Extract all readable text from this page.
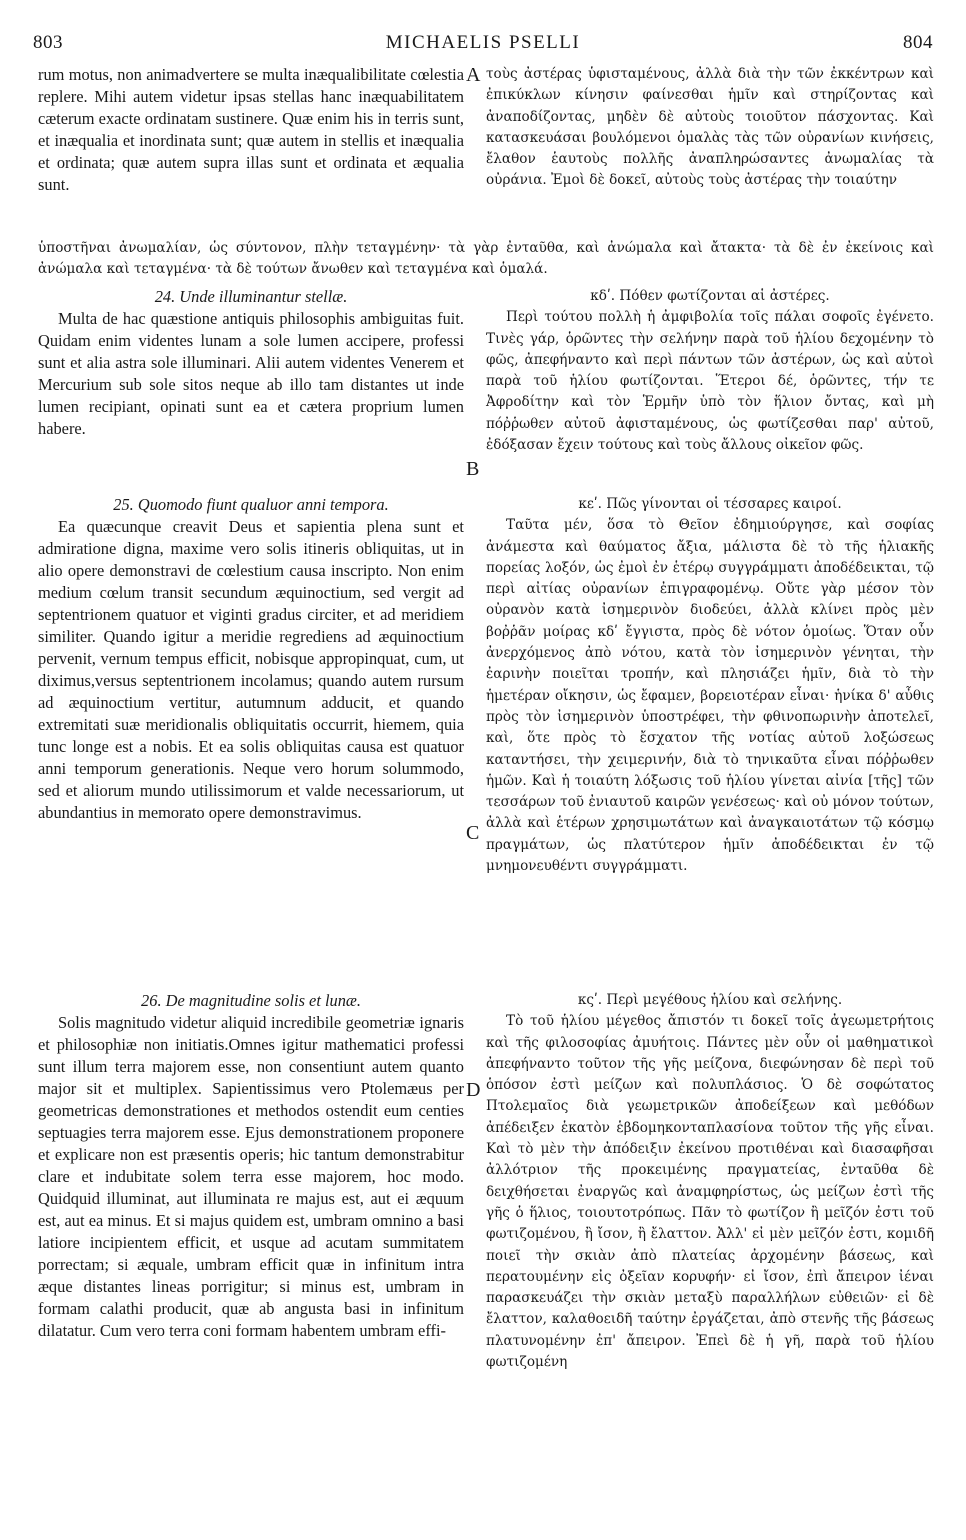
803	MICHAELIS PSELLI	804
A
B
C
D

rum motus, non animadvertere se multa inæqualibilitate cœlestia replere. Mihi autem videtur ipsas stellas hanc inæquabilitatem cæterum exacte ordinatam sustinere. Quæ enim his in terris sunt, et inæqualia et inordinata sunt; quæ autem in stellis et inæqualia et ordinata; quæ autem supra illas sunt et ordinata et æqualia sunt.

τοὺς ἀστέρας ὑφισταμένους, ἀλλὰ διὰ τὴν τῶν ἐκκέντρων καὶ ἐπικύκλων κίνησιν φαίνεσθαι ἡμῖν καὶ στηρίζοντας καὶ ἀναποδίζοντας, μηδὲν δὲ αὐτοὺς τοιοῦτον πάσχοντας. Καὶ κατασκευάσαι βουλόμενοι ὁμαλὰς τὰς τῶν οὐρανίων κινήσεις, ἔλαθον ἑαυτοὺς πολλῆς ἀναπληρώσαντες ἀνωμαλίας τὰ οὐράνια. Ἐμοὶ δὲ δοκεῖ, αὐτοὺς τοὺς ἀστέρας τὴν τοιαύτην

ὑποστῆναι ἀνωμαλίαν, ὡς σύντονον, πλὴν τεταγμένην· τὰ γὰρ ἐνταῦθα, καὶ ἀνώμαλα καὶ ἄτακτα· τὰ δὲ ἐν ἐκείνοις καὶ ἀνώμαλα καὶ τεταγμένα· τὰ δὲ τούτων ἄνωθεν καὶ τεταγμένα καὶ ὁμαλά.

24. Unde illuminantur stellæ.

Multa de hac quæstione antiquis philosophis ambiguitas fuit. Quidam enim videntes lunam a sole lumen accipere, professi sunt et alia astra sole illuminari. Alii autem videntes Venerem et Mercurium sub sole sitos neque ab illo tam distantes ut inde lumen recipiant, opinati sunt ea et cætera proprium lumen habere.

κδʹ. Πόθεν φωτίζονται αἱ ἀστέρες.

Περὶ τούτου πολλὴ ἡ ἀμφιβολία τοῖς πάλαι σοφοῖς ἐγένετο. Τινὲς γάρ, ὁρῶντες τὴν σελήνην παρὰ τοῦ ἡλίου δεχομένην τὸ φῶς, ἀπεφήναντο καὶ περὶ πάντων τῶν ἀστέρων, ὡς καὶ αὐτοὶ παρὰ τοῦ ἡλίου φωτίζονται. Ἕτεροι δέ, ὁρῶντες, τήν τε Ἀφροδίτην καὶ τὸν Ἑρμῆν ὑπὸ τὸν ἥλιον ὄντας, καὶ μὴ πόῤῥωθεν αὐτοῦ ἀφισταμένους, ὡς φωτίζεσθαι παρ' αὐτοῦ, ἐδόξασαν ἔχειν τούτους καὶ τοὺς ἄλλους οἰκεῖον φῶς.

25. Quomodo fiunt qualuor anni tempora.

Ea quæcunque creavit Deus et sapientia plena sunt et admiratione digna, maxime vero solis itineris obliquitas, ut in alio opere demonstravi de cœlestium causa inscripto. Non enim medium cœlum transit secundum æquinoctium, sed vergit ad septentrionem quatuor et viginti gradus circiter, et ad meridiem similiter. Quando igitur a meridie regrediens ad æquinoctium pervenit, vernum tempus efficit, nobisque appropinquat, cum, ut diximus,versus septentrionem incolamus; quando autem rursum ad æquinoctium vertitur, autumnum adducit, et quando extremitati suæ meridionalis obliquitatis occurrit, hiemem, quia tunc longe est a nobis. Et ea solis obliquitas causa est quatuor anni temporum generationis. Neque vero horum solummodo, sed et aliorum mundo utilissimorum et valde necessariorum, ut abundantius in memorato opere demonstravimus.

κεʹ. Πῶς γίνονται οἱ τέσσαρες καιροί.

Ταῦτα μέν, ὅσα τὸ Θεῖον ἐδημιούργησε, καὶ σοφίας ἀνάμεστα καὶ θαύματος ἄξια, μάλιστα δὲ τὸ τῆς ἡλιακῆς πορείας λοξόν, ὡς ἐμοὶ ἐν ἑτέρῳ συγγράμματι ἀποδέδεικται, τῷ περὶ αἰτίας οὐρανίων ἐπιγραφομένῳ. Οὔτε γὰρ μέσον τὸν οὐρανὸν κατὰ ἰσημερινὸν διοδεύει, ἀλλὰ κλίνει πρὸς μὲν βοῤῥᾶν μοίρας κδʹ ἔγγιστα, πρὸς δὲ νότον ὁμοίως. Ὅταν οὖν ἀνερχόμενος ἀπὸ νότου, κατὰ τὸν ἰσημερινὸν γένηται, τὴν ἐαρινὴν ποιεῖται τροπήν, καὶ πλησιάζει ἡμῖν, διὰ τὸ τὴν ἡμετέραν οἴκησιν, ὡς ἔφαμεν, βορειοτέραν εἶναι· ἡνίκα δ' αὖθις πρὸς τὸν ἰσημερινὸν ὑποστρέφει, τὴν φθινοπωρινὴν ἀποτελεῖ, καὶ, ὅτε πρὸς τὸ ἔσχατον τῆς νοτίας αὐτοῦ λοξώσεως καταντήσει, τὴν χειμερινήν, διὰ τὸ τηνικαῦτα εἶναι πόῤῥωθεν ἡμῶν. Καὶ ἡ τοιαύτη λόξωσις τοῦ ἡλίου γίνεται αἰνία [τῆς] τῶν τεσσάρων τοῦ ἐνιαυτοῦ καιρῶν γενέσεως· καὶ οὐ μόνον τούτων, ἀλλὰ καὶ ἑτέρων χρησιμωτάτων καὶ ἀναγκαιοτάτων τῷ κόσμῳ πραγμάτων, ὡς πλατύτερον ἡμῖν ἀποδέδεικται ἐν τῷ μνημονευθέντι συγγράμματι.

26. De magnitudine solis et lunæ.

Solis magnitudo videtur aliquid incredibile geometriæ ignaris et philosophiæ non initiatis.Omnes igitur mathematici professi sunt illum terra majorem esse, non consentiunt autem quanto major sit et multiplex. Sapientissimus vero Ptolemæus per geometricas demonstrationes et methodos ostendit eum centies septuagies terra majorem esse. Ejus demonstrationem proponere et explicare non est præsentis operis; hic tantum demonstrabitur clare et indubitate solem terra esse majorem, hoc modo. Quidquid illuminat, aut illuminata re majus est, aut ei æquum est, aut ea minus. Et si majus quidem est, umbram omnino a basi latiore incipientem efficit, et usque ad acutam summitatem porrectam; si æquale, umbram efficit quæ in infinitum intra æque distantes lineas porrigitur; si minus est, umbram in formam calathi producit, quæ ab angusta basi in infinitum dilatatur. Cum vero terra coni formam habentem umbram effi-

κςʹ. Περὶ μεγέθους ἡλίου καὶ σελήνης.

Τὸ τοῦ ἡλίου μέγεθος ἄπιστόν τι δοκεῖ τοῖς ἀγεωμετρήτοις καὶ τῆς φιλοσοφίας ἀμυήτοις. Πάντες μὲν οὖν οἱ μαθηματικοὶ ἀπεφήναντο τοῦτον τῆς γῆς μείζονα, διεφώνησαν δὲ περὶ τοῦ ὁπόσον ἐστὶ μείζων καὶ πολυπλάσιος. Ὁ δὲ σοφώτατος Πτολεμαῖος διὰ γεωμετρικῶν ἀποδείξεων καὶ μεθόδων ἀπέδειξεν ἑκατὸν ἑβδομηκονταπλασίονα τοῦτον τῆς γῆς εἶναι. Καὶ τὸ μὲν τὴν ἀπόδειξιν ἐκείνου προτιθέναι καὶ διασαφῆσαι ἀλλότριον τῆς προκειμένης πραγματείας, ἐνταῦθα δὲ δειχθήσεται ἐναργῶς καὶ ἀναμφηρίστως, ὡς μείζων ἐστὶ τῆς γῆς ὁ ἥλιος, τοιουτοτρόπως. Πᾶν τὸ φωτίζον ἢ μεῖζόν ἐστι τοῦ φωτιζομένου, ἢ ἴσον, ἢ ἔλαττον. Ἀλλ' εἰ μὲν μεῖζόν ἐστι, κομιδῆ ποιεῖ τὴν σκιὰν ἀπὸ πλατείας ἀρχομένην βάσεως, καὶ περατουμένην εἰς ὀξεῖαν κορυφήν· εἰ ἴσον, ἐπὶ ἄπειρον ἰέναι παρασκευάζει τὴν σκιὰν μεταξὺ παραλλήλων εὐθειῶν· εἰ δὲ ἔλαττον, καλαθοειδῆ ταύτην ἐργάζεται, ἀπὸ στενῆς τῆς βάσεως πλατυνομένην ἐπ' ἄπειρον. Ἐπεὶ δὲ ἡ γῆ, παρὰ τοῦ ἡλίου φωτιζομένη
